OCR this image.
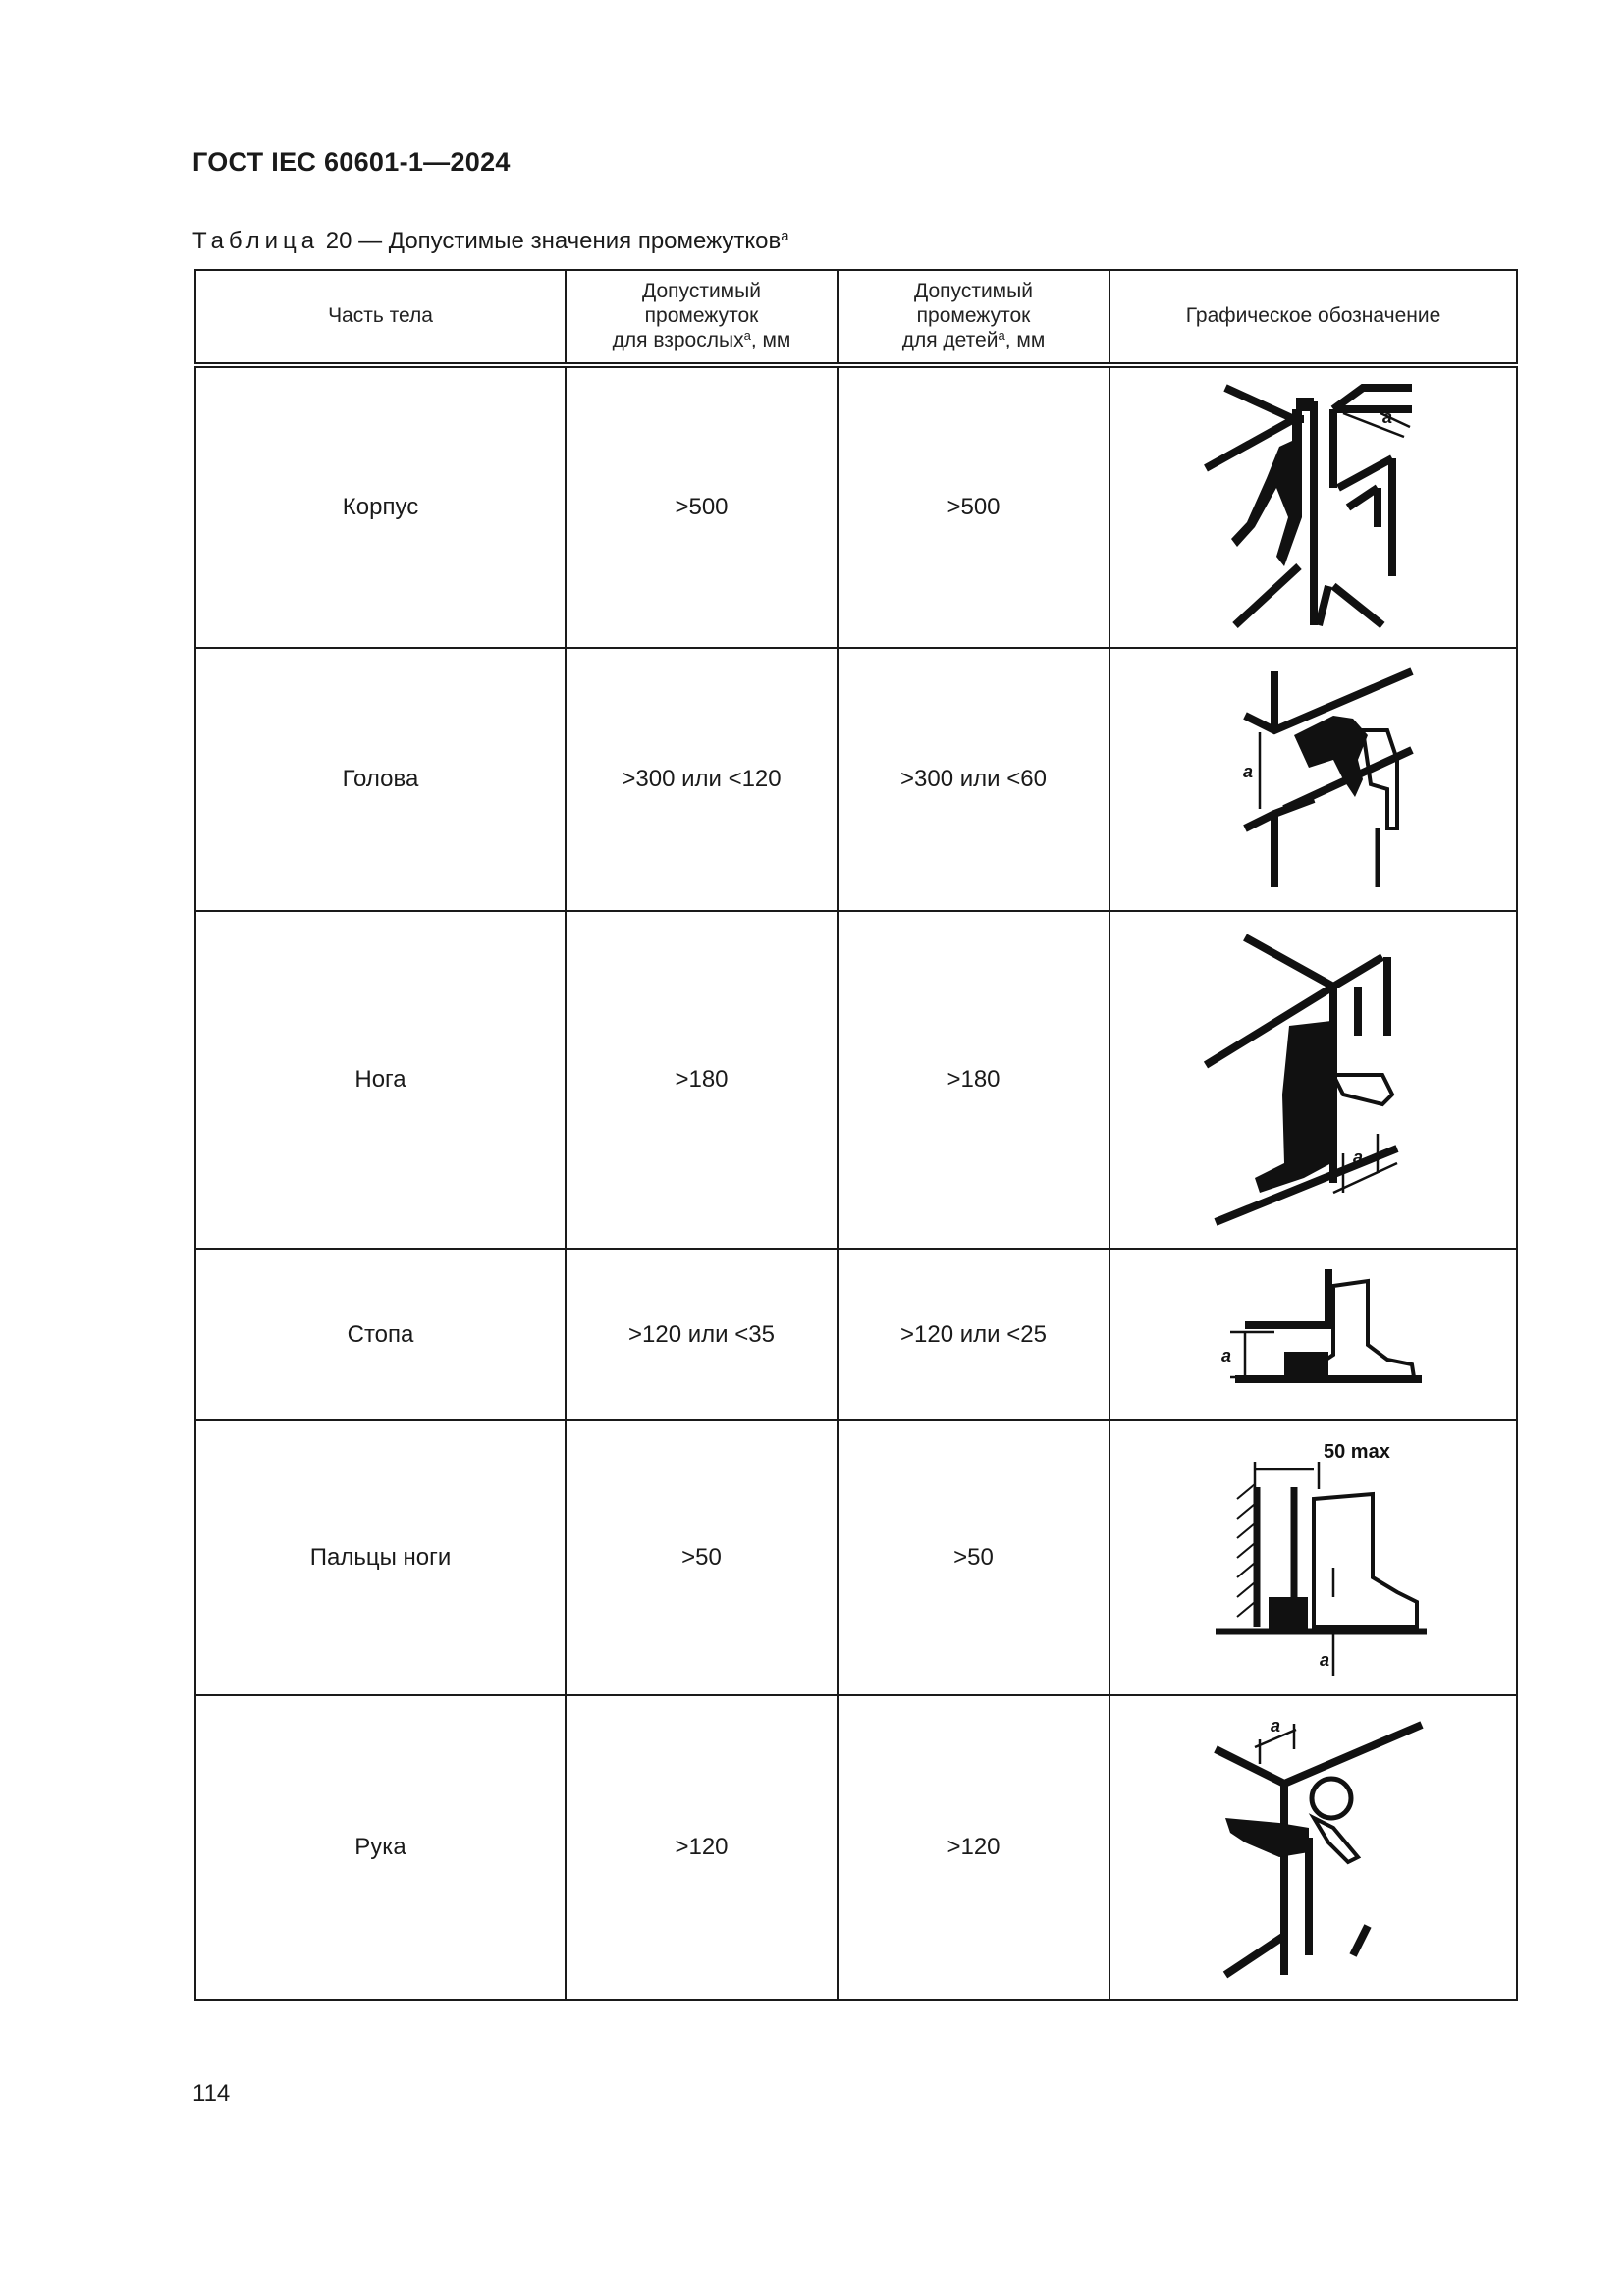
ГОСТ IEC 60601-1—2024
Таблица 20 — Допустимые значения промежутков$^a$
Часть тела	Допустимый
промежуток
для взрослых$^a$, мм	Допустимый
промежуток
для детей$^a$, мм	Графическое обозначение
Корпус	>500	>500	a

Голова	>300 или <120	>300 или <60	a

Нога	>180	>180	a

Стопа	>120 или <35	>120 или <25	a

Пальцы ноги	>50	>50	50 max
a

Рука	>120	>120	a
114
